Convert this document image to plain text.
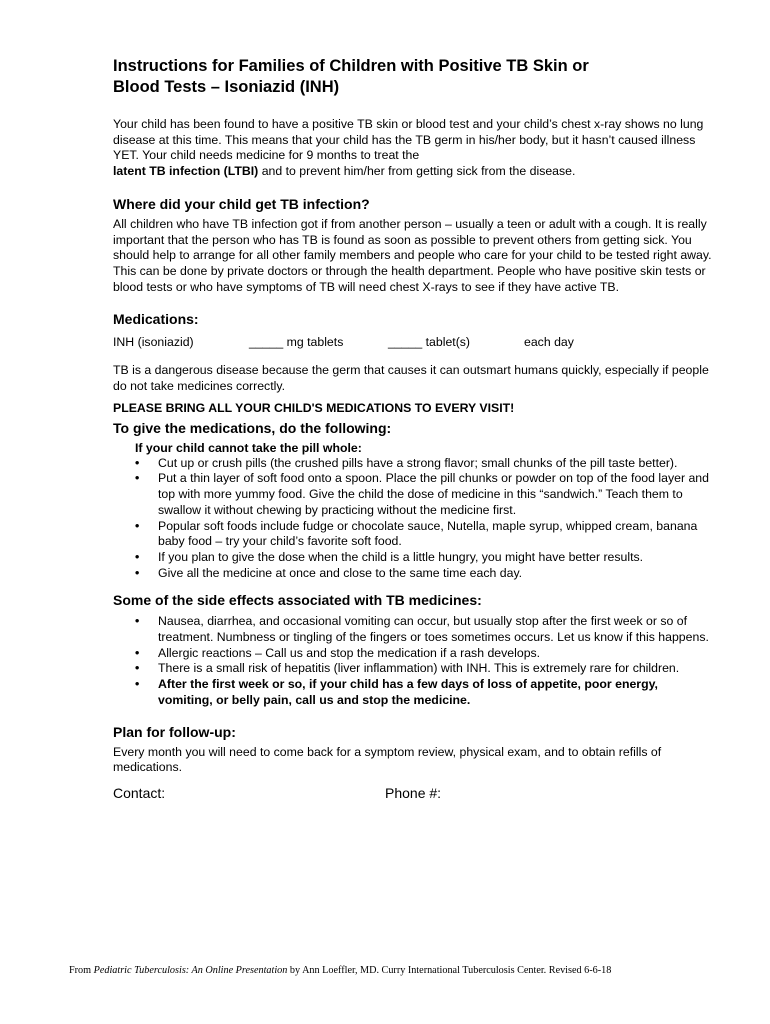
Instructions for Families of Children with Positive TB Skin or
Blood Tests – Isoniazid (INH)

Your child has been found to have a positive TB skin or blood test and your child’s chest x-ray shows no lung disease at this time. This means that your child has the TB germ in his/her body, but it hasn’t caused illness YET. Your child needs medicine for 9 months to treat the
latent TB infection (LTBI) and to prevent him/her from getting sick from the disease.

Where did your child get TB infection?

All children who have TB infection got if from another person – usually a teen or adult with a cough. It is really important that the person who has TB is found as soon as possible to prevent others from getting sick. You should help to arrange for all other family members and people who care for your child to be tested right away. This can be done by private doctors or through the health department. People who have positive skin tests or blood tests or who have symptoms of TB will need chest X-rays to see if they have active TB.

Medications:
INH (isoniazid)	_____ mg tablets	_____ tablet(s)	each day

TB is a dangerous disease because the germ that causes it can outsmart humans quickly, especially if people do not take medicines correctly.

PLEASE BRING ALL YOUR CHILD'S MEDICATIONS TO EVERY VISIT!
To give the medications, do the following:
If your child cannot take the pill whole:
• Cut up or crush pills (the crushed pills have a strong flavor; small chunks of the pill taste better).
• Put a thin layer of soft food onto a spoon. Place the pill chunks or powder on top of the food layer and top with more yummy food. Give the child the dose of medicine in this “sandwich.” Teach them to swallow it without chewing by practicing without the medicine first.
• Popular soft foods include fudge or chocolate sauce, Nutella, maple syrup, whipped cream, banana baby food – try your child’s favorite soft food.
• If you plan to give the dose when the child is a little hungry, you might have better results.
• Give all the medicine at once and close to the same time each day.
Some of the side effects associated with TB medicines:
• Nausea, diarrhea, and occasional vomiting can occur, but usually stop after the first week or so of treatment. Numbness or tingling of the fingers or toes sometimes occurs. Let us know if this happens.
• Allergic reactions – Call us and stop the medication if a rash develops.
• There is a small risk of hepatitis (liver inflammation) with INH. This is extremely rare for children.
• After the first week or so, if your child has a few days of loss of appetite, poor energy, vomiting, or belly pain, call us and stop the medicine.
Plan for follow-up:

Every month you will need to come back for a symptom review, physical exam, and to obtain refills of medications.

Contact:	Phone #:
From Pediatric Tuberculosis: An Online Presentation by Ann Loeffler, MD. Curry International Tuberculosis Center. Revised 6-6-18
